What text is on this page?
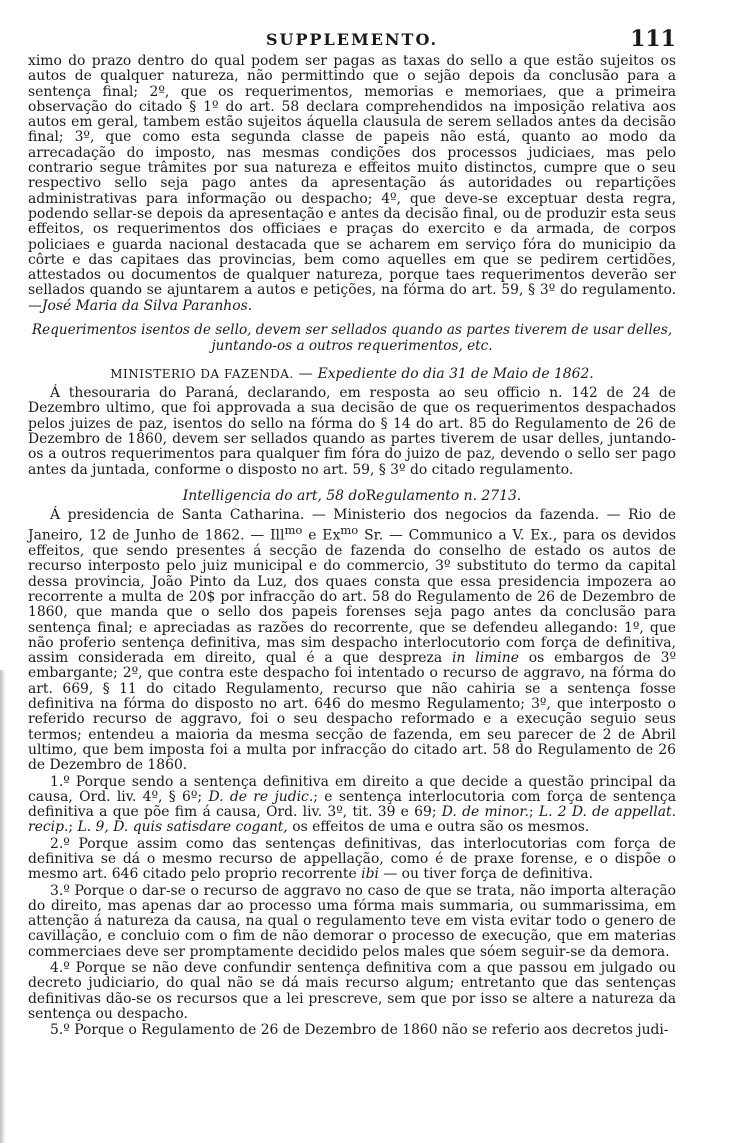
SUPPLEMENTO.	111

ximo do prazo dentro do qual podem ser pagas as taxas do sello a que estão sujeitos os autos de qualquer natureza, não permittindo que o sejão depois da conclusão para a sentença final; 2º, que os requerimentos, memorias e memoriaes, que a primeira observação do citado § 1º do art. 58 declara comprehendidos na imposição relativa aos autos em geral, tambem estão sujeitos áquella clausula de serem sellados antes da decisão final; 3º, que como esta segunda classe de papeis não está, quanto ao modo da arrecadação do imposto, nas mesmas condições dos processos judiciaes, mas pelo contrario segue trâmites por sua natureza e effeitos muito distinctos, cumpre que o seu respectivo sello seja pago antes da apresentação ás autoridades ou repartições administrativas para informação ou despacho; 4º, que deve-se exceptuar desta regra, podendo sellar-se depois da apresentação e antes da decisão final, ou de produzir esta seus effeitos, os requerimentos dos officiaes e praças do exercito e da armada, de corpos policiaes e guarda nacional destacada que se acharem em serviço fóra do municipio da côrte e das capitaes das provincias, bem como aquelles em que se pedirem certidões, attestados ou documentos de qualquer natureza, porque taes requerimentos deverão ser sellados quando se ajuntarem a autos e petições, na fórma do art. 59, § 3º do regulamento.—José Maria da Silva Paranhos.

Requerimentos isentos de sello, devem ser sellados quando as partes tiverem de usar delles, juntando-os a outros requerimentos, etc.
MINISTERIO DA FAZENDA. — Expediente do dia 31 de Maio de 1862.

Á thesouraria do Paraná, declarando, em resposta ao seu officio n. 142 de 24 de Dezembro ultimo, que foi approvada a sua decisão de que os requerimentos despachados pelos juizes de paz, isentos do sello na fórma do § 14 do art. 85 do Regulamento de 26 de Dezembro de 1860, devem ser sellados quando as partes tiverem de usar delles, juntando-os a outros requerimentos para qualquer fim fóra do juizo de paz, devendo o sello ser pago antes da juntada, conforme o disposto no art. 59, § 3º do citado regulamento.

Intelligencia do art, 58 doRegulamento n. 2713.

Á presidencia de Santa Catharina. — Ministerio dos negocios da fazenda. — Rio de Janeiro, 12 de Junho de 1862. — Ill$^{mo}$ e $Ex^{mo}$ Sr. — Communico a V. Ex., para os devidos effeitos, que sendo presentes á secção de fazenda do conselho de estado os autos de recurso interposto pelo juiz municipal e do commercio, 3º substituto do termo da capital dessa provincia, João Pinto da Luz, dos quaes consta que essa presidencia impozera ao recorrente a multa de 20$ por infracção do art. 58 do Regulamento de 26 de Dezembro de 1860, que manda que o sello dos papeis forenses seja pago antes da conclusão para sentença final; e apreciadas as razões do recorrente, que se defendeu allegando: 1º, que não proferio sentença definitiva, mas sim despacho interlocutorio com força de definitiva, assim considerada em direito, qual é a que despreza in limine os embargos de 3º embargante; 2º, que contra este despacho foi intentado o recurso de aggravo, na fórma do art. 669, § 11 do citado Regulamento, recurso que não cahiria se a sentença fosse definitiva na fórma do disposto no art. 646 do mesmo Regulamento; 3º, que interposto o referido recurso de aggravo, foi o seu despacho reformado e a execução seguio seus termos; entendeu a maioria da mesma secção de fazenda, em seu parecer de 2 de Abril ultimo, que bem imposta foi a multa por infracção do citado art. 58 do Regulamento de 26 de Dezembro de 1860.

1.º Porque sendo a sentença definitiva em direito a que decide a questão principal da causa, Ord. liv. 4º, § 6º; D. de re judic.; e sentença interlocutoria com força de sentença definitiva a que põe fim á causa, Ord. liv. 3º, tit. 39 e 69; D. de minor.; L. 2 D. de appellat. recip.; L. 9, D. quis satisdare cogant, os effeitos de uma e outra são os mesmos.

2.º Porque assim como das sentenças definitivas, das interlocutorias com força de definitiva se dá o mesmo recurso de appellação, como é de praxe forense, e o dispõe o mesmo art. 646 citado pelo proprio recorrente ibi — ou tiver força de definitiva.

3.º Porque o dar-se o recurso de aggravo no caso de que se trata, não importa alteração do direito, mas apenas dar ao processo uma fórma mais summaria, ou summarissima, em attenção á natureza da causa, na qual o regulamento teve em vista evitar todo o genero de cavillação, e concluio com o fim de não demorar o processo de execução, que em materias commerciaes deve ser promptamente decidido pelos males que sóem seguir-se da demora.

4.º Porque se não deve confundir sentença definitiva com a que passou em julgado ou decreto judiciario, do qual não se dá mais recurso algum; entretanto que das sentenças definitivas dão-se os recursos que a lei prescreve, sem que por isso se altere a natureza da sentença ou despacho.

5.º Porque o Regulamento de 26 de Dezembro de 1860 não se referio aos decretos judi-
